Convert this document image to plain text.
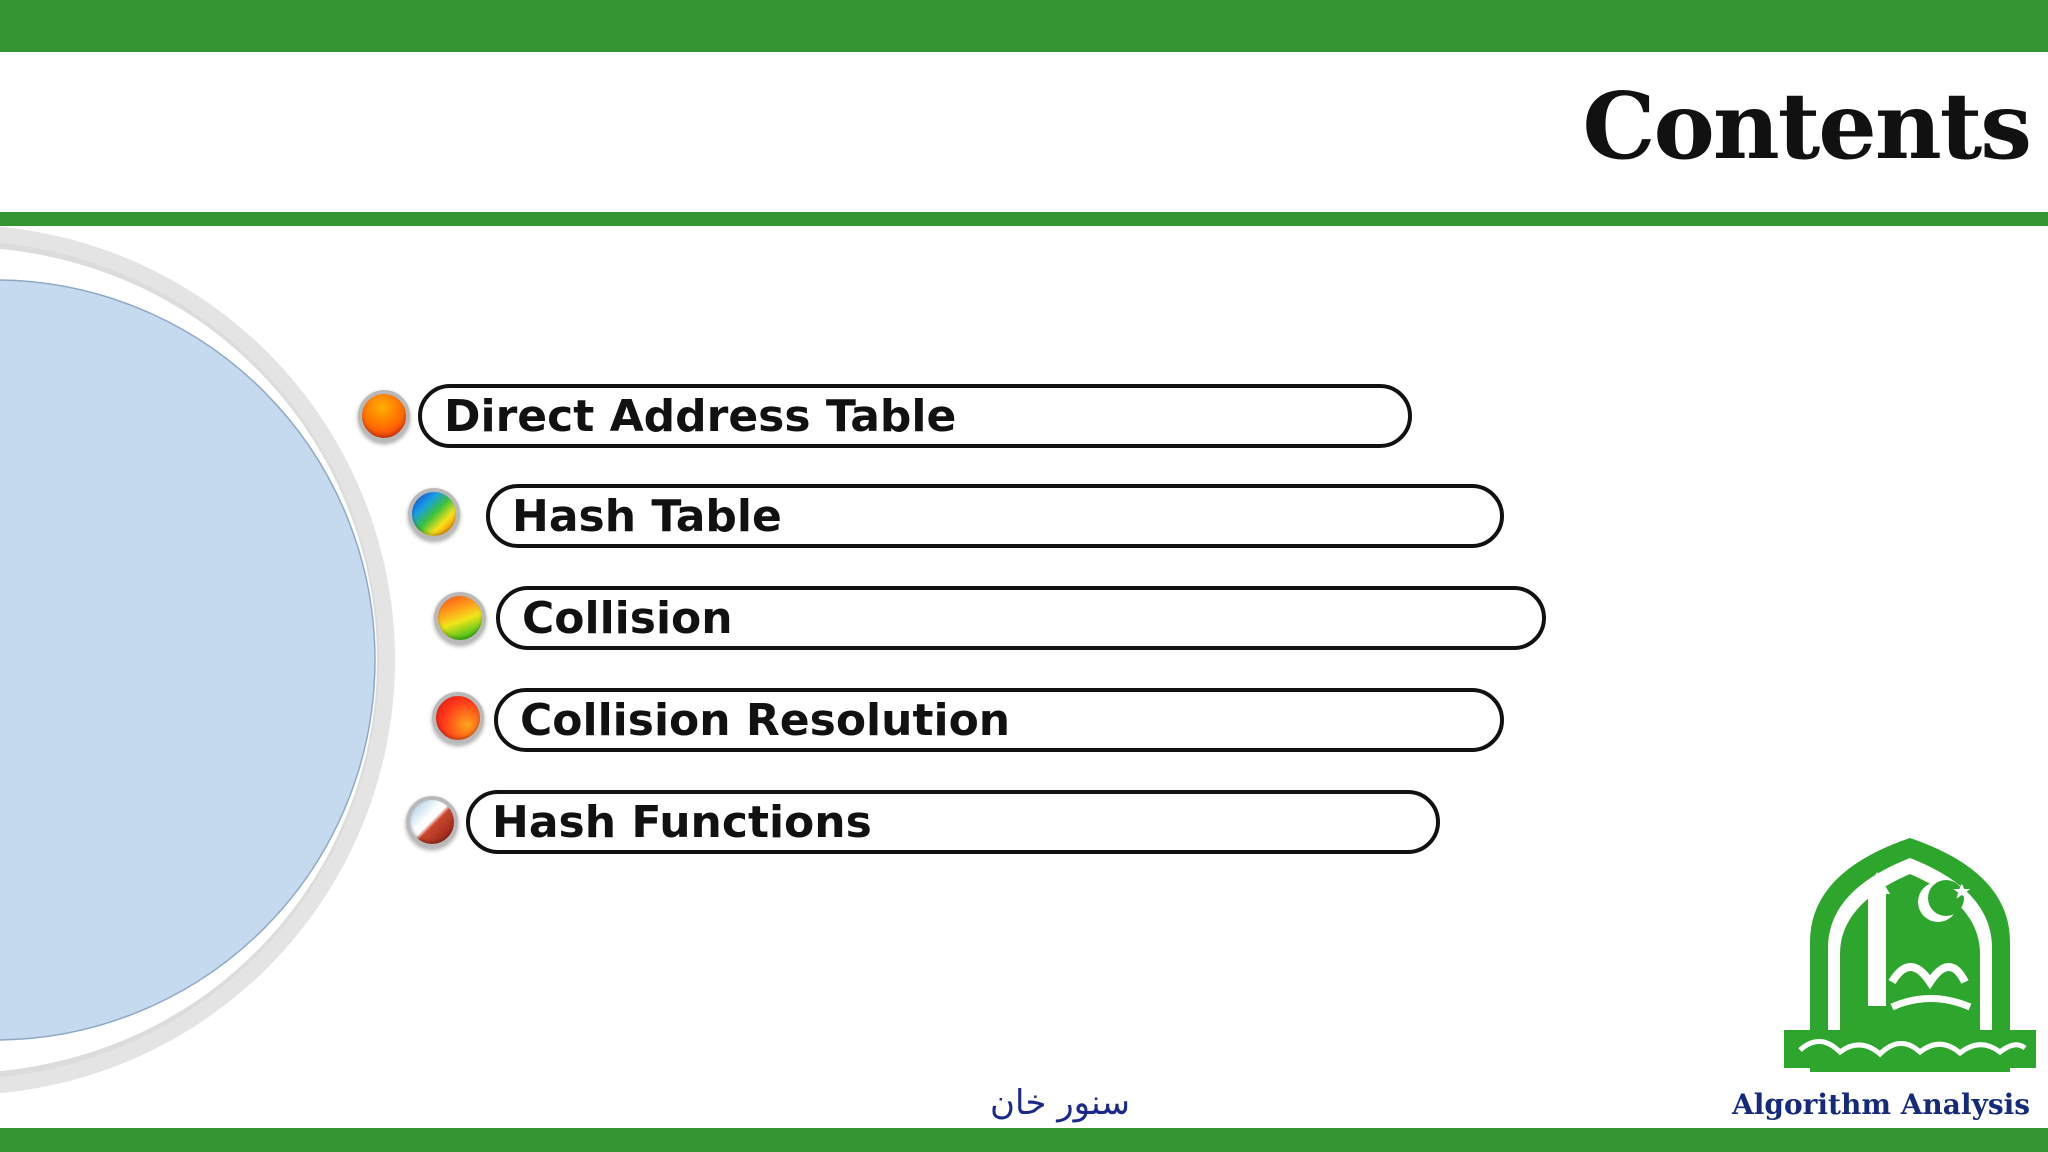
Contents
Direct Address Table
Hash Table
Collision
Collision Resolution
Hash Functions
سنور خان	Algorithm Analysis
